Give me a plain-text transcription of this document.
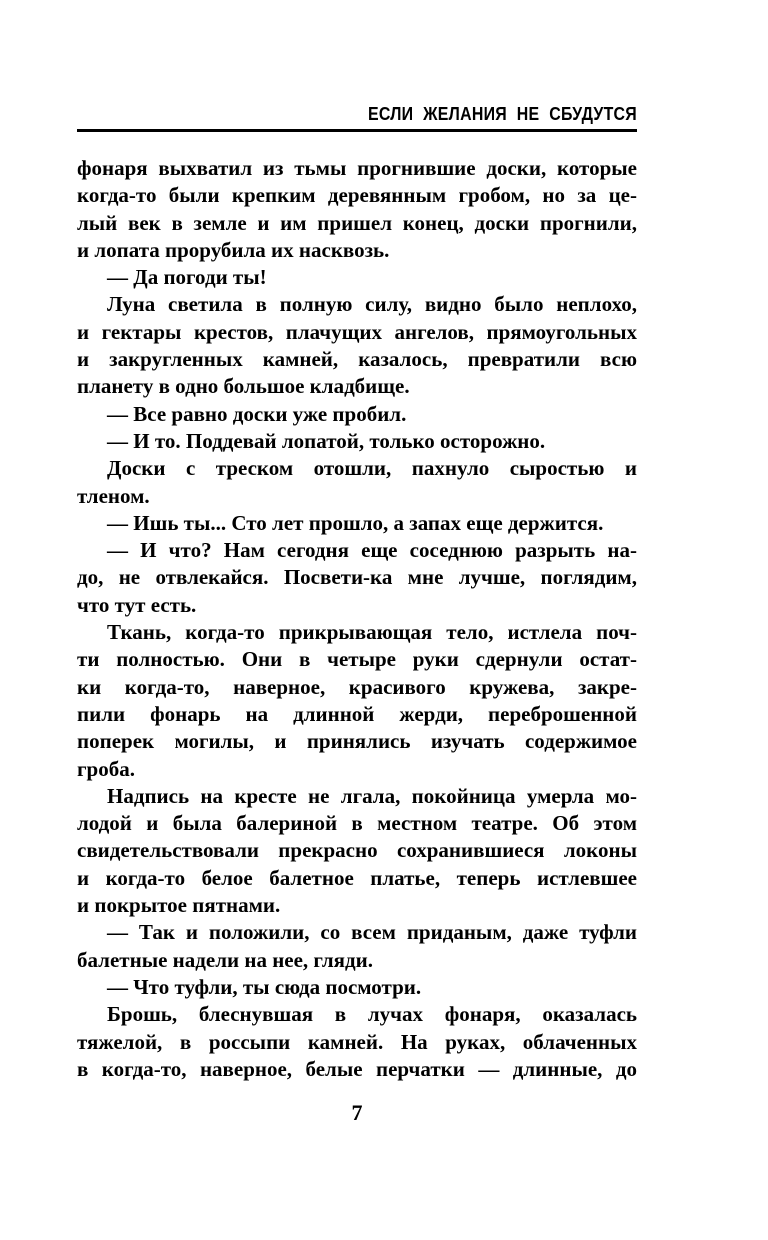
ЕСЛИ ЖЕЛАНИЯ НЕ СБУДУТСЯ
фонаря выхватил из тьмы прогнившие доски, которые
когда-то были крепким деревянным гробом, но за це-
лый век в земле и им пришел конец, доски прогнили,
и лопата прорубила их насквозь.
— Да погоди ты!
Луна светила в полную силу, видно было неплохо,
и гектары крестов, плачущих ангелов, прямоугольных
и закругленных камней, казалось, превратили всю
планету в одно большое кладбище.
— Все равно доски уже пробил.
— И то. Поддевай лопатой, только осторожно.
Доски с треском отошли, пахнуло сыростью и
тленом.
— Ишь ты... Сто лет прошло, а запах еще держится.
— И что? Нам сегодня еще соседнюю разрыть на-
до, не отвлекайся. Посвети-ка мне лучше, поглядим,
что тут есть.
Ткань, когда-то прикрывающая тело, истлела поч-
ти полностью. Они в четыре руки сдернули остат-
ки когда-то, наверное, красивого кружева, закре-
пили фонарь на длинной жерди, переброшенной
поперек могилы, и принялись изучать содержимое
гроба.
Надпись на кресте не лгала, покойница умерла мо-
лодой и была балериной в местном театре. Об этом
свидетельствовали прекрасно сохранившиеся локоны
и когда-то белое балетное платье, теперь истлевшее
и покрытое пятнами.
— Так и положили, со всем приданым, даже туфли
балетные надели на нее, гляди.
— Что туфли, ты сюда посмотри.
Брошь, блеснувшая в лучах фонаря, оказалась
тяжелой, в россыпи камней. На руках, облаченных
в когда-то, наверное, белые перчатки — длинные, до
7
